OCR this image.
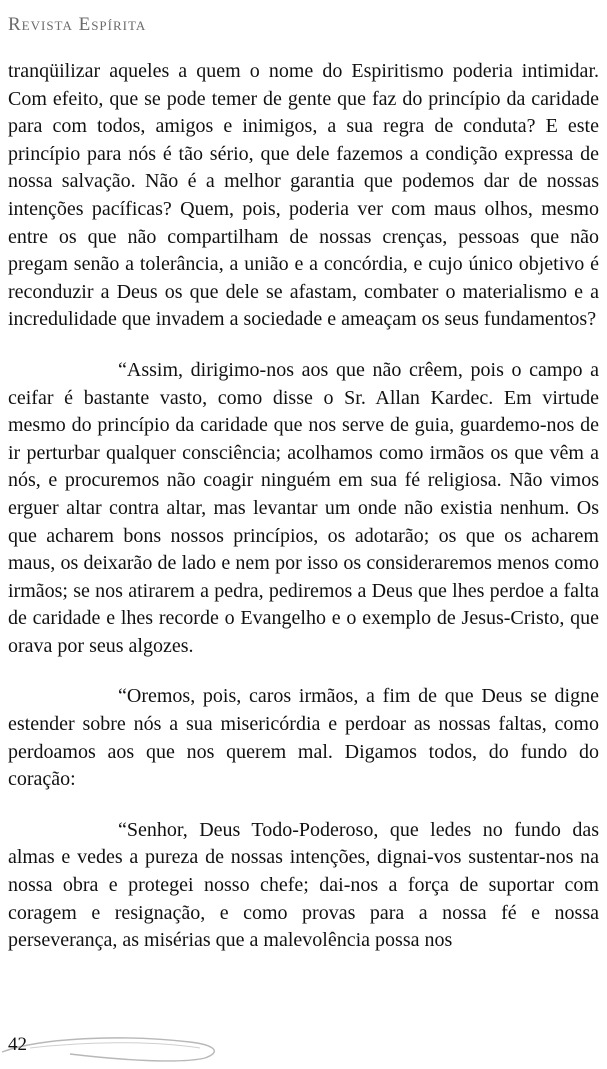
Revista Espírita

tranqüilizar aqueles a quem o nome do Espiritismo poderia intimidar. Com efeito, que se pode temer de gente que faz do princípio da caridade para com todos, amigos e inimigos, a sua regra de conduta? E este princípio para nós é tão sério, que dele fazemos a condição expressa de nossa salvação. Não é a melhor garantia que podemos dar de nossas intenções pacíficas? Quem, pois, poderia ver com maus olhos, mesmo entre os que não compartilham de nossas crenças, pessoas que não pregam senão a tolerância, a união e a concórdia, e cujo único objetivo é reconduzir a Deus os que dele se afastam, combater o materialismo e a incredulidade que invadem a sociedade e ameaçam os seus fundamentos?

“Assim, dirigimo-nos aos que não crêem, pois o campo a ceifar é bastante vasto, como disse o Sr. Allan Kardec. Em virtude mesmo do princípio da caridade que nos serve de guia, guardemo-nos de ir perturbar qualquer consciência; acolhamos como irmãos os que vêm a nós, e procuremos não coagir ninguém em sua fé religiosa. Não vimos erguer altar contra altar, mas levantar um onde não existia nenhum. Os que acharem bons nossos princípios, os adotarão; os que os acharem maus, os deixarão de lado e nem por isso os consideraremos menos como irmãos; se nos atirarem a pedra, pediremos a Deus que lhes perdoe a falta de caridade e lhes recorde o Evangelho e o exemplo de Jesus-Cristo, que orava por seus algozes.

“Oremos, pois, caros irmãos, a fim de que Deus se digne estender sobre nós a sua misericórdia e perdoar as nossas faltas, como perdoamos aos que nos querem mal. Digamos todos, do fundo do coração:

“Senhor, Deus Todo-Poderoso, que ledes no fundo das almas e vedes a pureza de nossas intenções, dignai-vos sustentar-nos na nossa obra e protegei nosso chefe; dai-nos a força de suportar com coragem e resignação, e como provas para a nossa fé e nossa perseverança, as misérias que a malevolência possa nos

42
